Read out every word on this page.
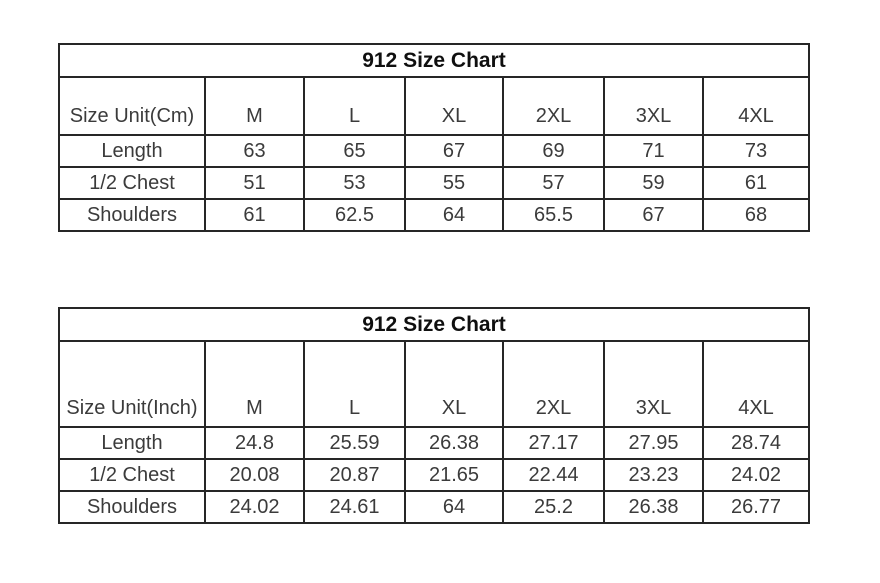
912 Size Chart						
Size Unit(Cm)	M	L	XL	2XL	3XL	4XL
Length	63	65	67	69	71	73
1/2 Chest	51	53	55	57	59	61
Shoulders	61	62.5	64	65.5	67	68
912 Size Chart						
Size Unit(Inch)	M	L	XL	2XL	3XL	4XL
Length	24.8	25.59	26.38	27.17	27.95	28.74
1/2 Chest	20.08	20.87	21.65	22.44	23.23	24.02
Shoulders	24.02	24.61	64	25.2	26.38	26.77
